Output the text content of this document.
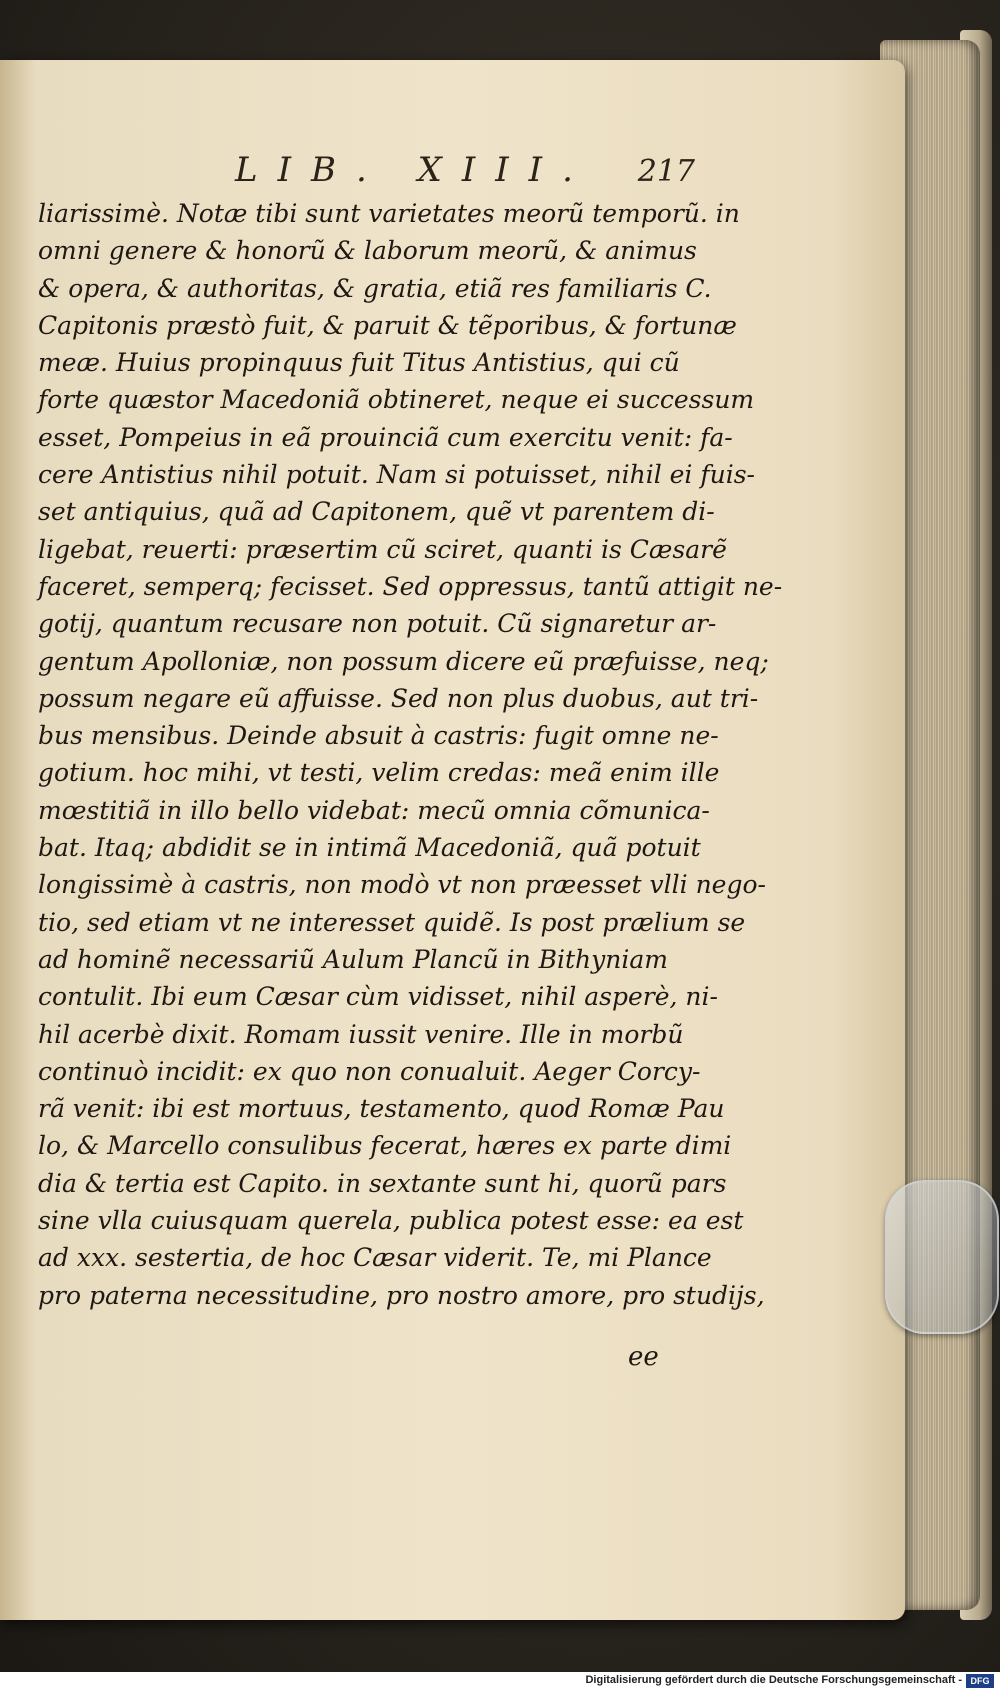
LIB. XIII. 217
liarissimè. Notæ tibi sunt varietates meorũ temporũ. in
omni genere & honorũ & laborum meorũ, & animus
& opera, & authoritas, & gratia, etiã res familiaris C.
Capitonis præstò fuit, & paruit & tẽporibus, & fortunæ
meæ. Huius propinquus fuit Titus Antistius, qui cũ
forte quæstor Macedoniã obtineret, neque ei successum
esset, Pompeius in eã prouinciã cum exercitu venit: fa-
cere Antistius nihil potuit. Nam si potuisset, nihil ei fuis-
set antiquius, quã ad Capitonem, quẽ vt parentem di-
ligebat, reuerti: præsertim cũ sciret, quanti is Cæsarẽ
faceret, semperq; fecisset. Sed oppressus, tantũ attigit ne-
gotij, quantum recusare non potuit. Cũ signaretur ar-
gentum Apolloniæ, non possum dicere eũ præfuisse, neq;
possum negare eũ affuisse. Sed non plus duobus, aut tri-
bus mensibus. Deinde absuit à castris: fugit omne ne-
gotium. hoc mihi, vt testi, velim credas: meã enim ille
mœstitiã in illo bello videbat: mecũ omnia cõmunica-
bat. Itaq; abdidit se in intimã Macedoniã, quã potuit
longissimè à castris, non modò vt non præesset vlli nego-
tio, sed etiam vt ne interesset quidẽ. Is post prælium se
ad hominẽ necessariũ Aulum Plancũ in Bithyniam
contulit. Ibi eum Cæsar cùm vidisset, nihil asperè, ni-
hil acerbè dixit. Romam iussit venire. Ille in morbũ
continuò incidit: ex quo non conualuit. Aeger Corcy-
rã venit: ibi est mortuus, testamento, quod Romæ Pau
lo, & Marcello consulibus fecerat, hæres ex parte dimi
dia & tertia est Capito. in sextante sunt hi, quorũ pars
sine vlla cuiusquam querela, publica potest esse: ea est
ad xxx. sestertia, de hoc Cæsar viderit. Te, mi Plance
pro paterna necessitudine, pro nostro amore, pro studijs,
ee
Digitalisierung gefördert durch die Deutsche Forschungsgemeinschaft - DFG
